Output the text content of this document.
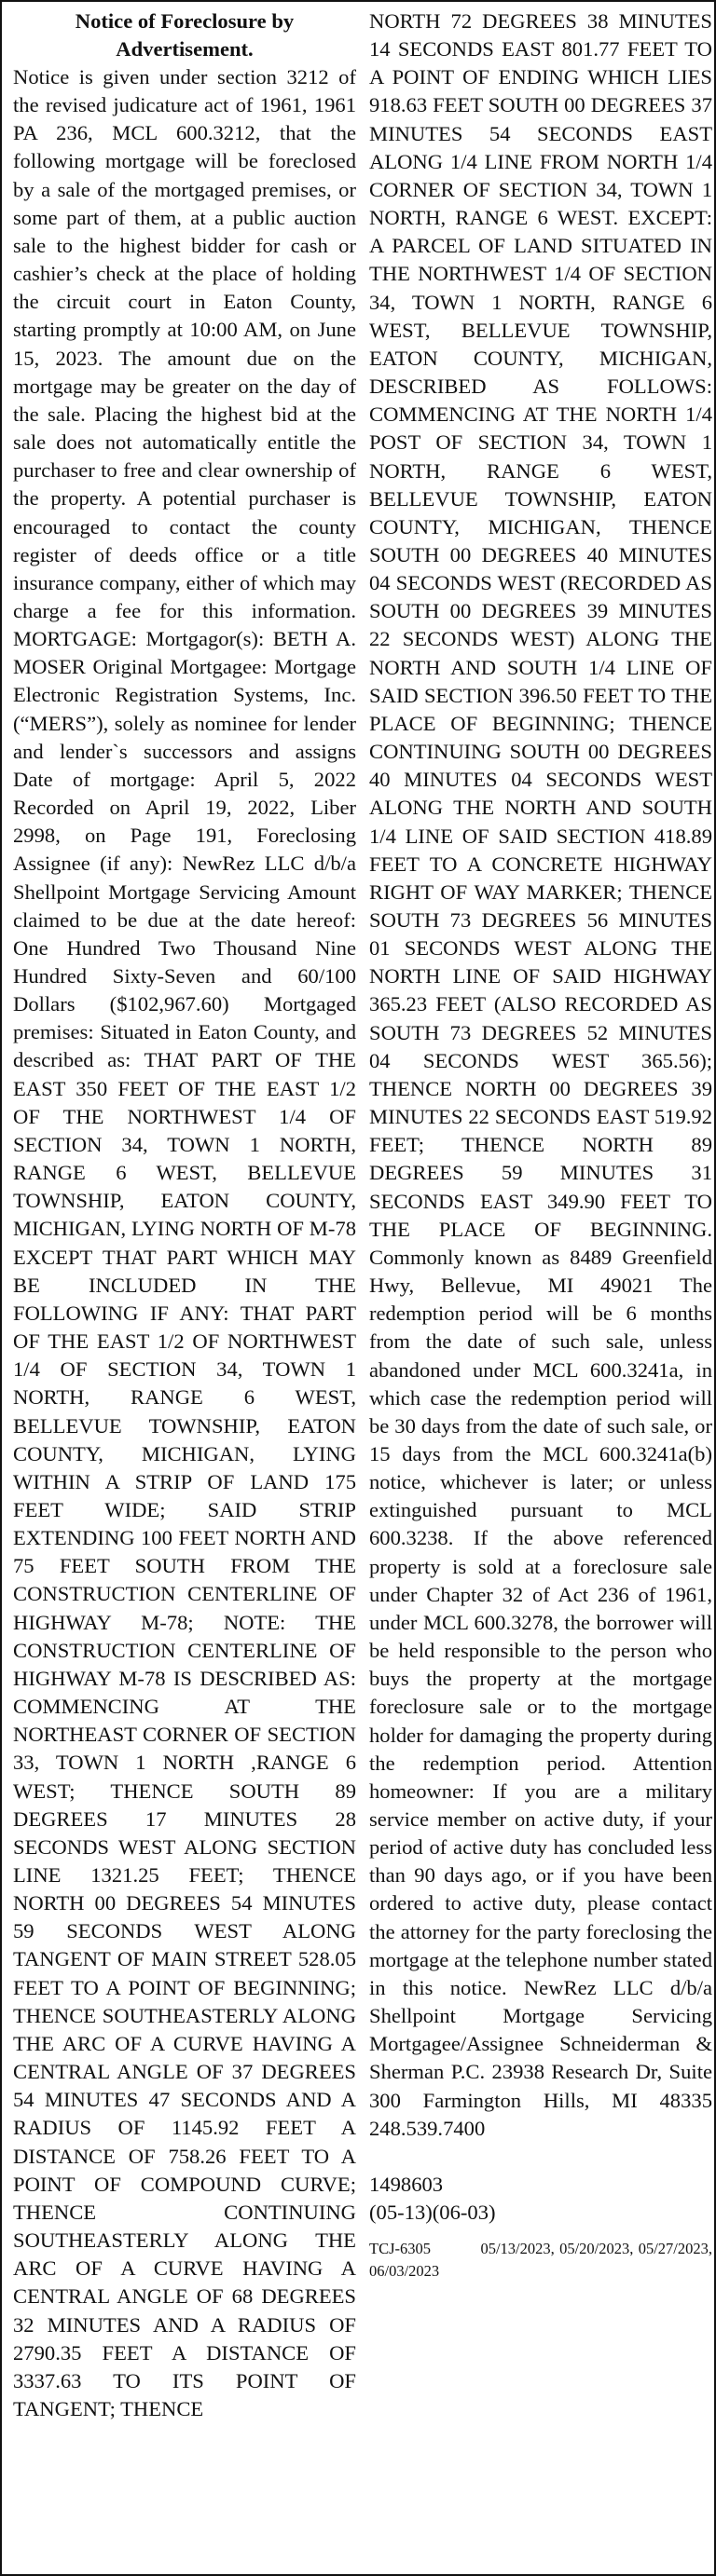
Notice of Foreclosure by Advertisement.

Notice is given under section 3212 of the revised judicature act of 1961, 1961 PA 236, MCL 600.3212, that the following mortgage will be foreclosed by a sale of the mortgaged premises, or some part of them, at a public auction sale to the highest bidder for cash or cashier’s check at the place of holding the circuit court in Eaton County, starting promptly at 10:00 AM, on June 15, 2023. The amount due on the mortgage may be greater on the day of the sale. Placing the highest bid at the sale does not automatically entitle the purchaser to free and clear ownership of the property. A potential purchaser is encouraged to contact the county register of deeds office or a title insurance company, either of which may charge a fee for this information. MORTGAGE: Mortgagor(s): BETH A. MOSER Original Mortgagee: Mortgage Electronic Registration Systems, Inc. (“MERS”), solely as nominee for lender and lender`s successors and assigns Date of mortgage: April 5, 2022 Recorded on April 19, 2022, Liber 2998, on Page 191, Foreclosing Assignee (if any): NewRez LLC d/b/a Shellpoint Mortgage Servicing Amount claimed to be due at the date hereof: One Hundred Two Thousand Nine Hundred Sixty-Seven and 60/100 Dollars ($102,967.60) Mortgaged premises: Situated in Eaton County, and described as: THAT PART OF THE EAST 350 FEET OF THE EAST 1/2 OF THE NORTHWEST 1/4 OF SECTION 34, TOWN 1 NORTH, RANGE 6 WEST, BELLEVUE TOWNSHIP, EATON COUNTY, MICHIGAN, LYING NORTH OF M-78 EXCEPT THAT PART WHICH MAY BE INCLUDED IN THE FOLLOWING IF ANY: THAT PART OF THE EAST 1/2 OF NORTHWEST 1/4 OF SECTION 34, TOWN 1 NORTH, RANGE 6 WEST, BELLEVUE TOWNSHIP, EATON COUNTY, MICHIGAN, LYING WITHIN A STRIP OF LAND 175 FEET WIDE; SAID STRIP EXTENDING 100 FEET NORTH AND 75 FEET SOUTH FROM THE CONSTRUCTION CENTERLINE OF HIGHWAY M-78; NOTE: THE CONSTRUCTION CENTERLINE OF HIGHWAY M-78 IS DESCRIBED AS: COMMENCING AT THE NORTHEAST CORNER OF SECTION 33, TOWN 1 NORTH ,RANGE 6 WEST; THENCE SOUTH 89 DEGREES 17 MINUTES 28 SECONDS WEST ALONG SECTION LINE 1321.25 FEET; THENCE NORTH 00 DEGREES 54 MINUTES 59 SECONDS WEST ALONG TANGENT OF MAIN STREET 528.05 FEET TO A POINT OF BEGINNING; THENCE SOUTHEASTERLY ALONG THE ARC OF A CURVE HAVING A CENTRAL ANGLE OF 37 DEGREES 54 MINUTES 47 SECONDS AND A RADIUS OF 1145.92 FEET A DISTANCE OF 758.26 FEET TO A POINT OF COMPOUND CURVE; THENCE CONTINUING SOUTHEASTERLY ALONG THE ARC OF A CURVE HAVING A CENTRAL ANGLE OF 68 DEGREES 32 MINUTES AND A RADIUS OF 2790.35 FEET A DISTANCE OF 3337.63 TO ITS POINT OF TANGENT; THENCE

NORTH 72 DEGREES 38 MINUTES 14 SECONDS EAST 801.77 FEET TO A POINT OF ENDING WHICH LIES 918.63 FEET SOUTH 00 DEGREES 37 MINUTES 54 SECONDS EAST ALONG 1/4 LINE FROM NORTH 1/4 CORNER OF SECTION 34, TOWN 1 NORTH, RANGE 6 WEST. EXCEPT: A PARCEL OF LAND SITUATED IN THE NORTHWEST 1/4 OF SECTION 34, TOWN 1 NORTH, RANGE 6 WEST, BELLEVUE TOWNSHIP, EATON COUNTY, MICHIGAN, DESCRIBED AS FOLLOWS: COMMENCING AT THE NORTH 1/4 POST OF SECTION 34, TOWN 1 NORTH, RANGE 6 WEST, BELLEVUE TOWNSHIP, EATON COUNTY, MICHIGAN, THENCE SOUTH 00 DEGREES 40 MINUTES 04 SECONDS WEST (RECORDED AS SOUTH 00 DEGREES 39 MINUTES 22 SECONDS WEST) ALONG THE NORTH AND SOUTH 1/4 LINE OF SAID SECTION 396.50 FEET TO THE PLACE OF BEGINNING; THENCE CONTINUING SOUTH 00 DEGREES 40 MINUTES 04 SECONDS WEST ALONG THE NORTH AND SOUTH 1/4 LINE OF SAID SECTION 418.89 FEET TO A CONCRETE HIGHWAY RIGHT OF WAY MARKER; THENCE SOUTH 73 DEGREES 56 MINUTES 01 SECONDS WEST ALONG THE NORTH LINE OF SAID HIGHWAY 365.23 FEET (ALSO RECORDED AS SOUTH 73 DEGREES 52 MINUTES 04 SECONDS WEST 365.56); THENCE NORTH 00 DEGREES 39 MINUTES 22 SECONDS EAST 519.92 FEET; THENCE NORTH 89 DEGREES 59 MINUTES 31 SECONDS EAST 349.90 FEET TO THE PLACE OF BEGINNING. Commonly known as 8489 Greenfield Hwy, Bellevue, MI 49021 The redemption period will be 6 months from the date of such sale, unless abandoned under MCL 600.3241a, in which case the redemption period will be 30 days from the date of such sale, or 15 days from the MCL 600.3241a(b) notice, whichever is later; or unless extinguished pursuant to MCL 600.3238. If the above referenced property is sold at a foreclosure sale under Chapter 32 of Act 236 of 1961, under MCL 600.3278, the borrower will be held responsible to the person who buys the property at the mortgage foreclosure sale or to the mortgage holder for damaging the property during the redemption period. Attention homeowner: If you are a military service member on active duty, if your period of active duty has concluded less than 90 days ago, or if you have been ordered to active duty, please contact the attorney for the party foreclosing the mortgage at the telephone number stated in this notice. NewRez LLC d/b/a Shellpoint Mortgage Servicing Mortgagee/Assignee Schneiderman & Sherman P.C. 23938 Research Dr, Suite 300 Farmington Hills, MI 48335 248.539.7400

1498603

(05-13)(06-03)

TCJ-6305	05/13/2023, 05/20/2023, 05/27/2023, 06/03/2023
